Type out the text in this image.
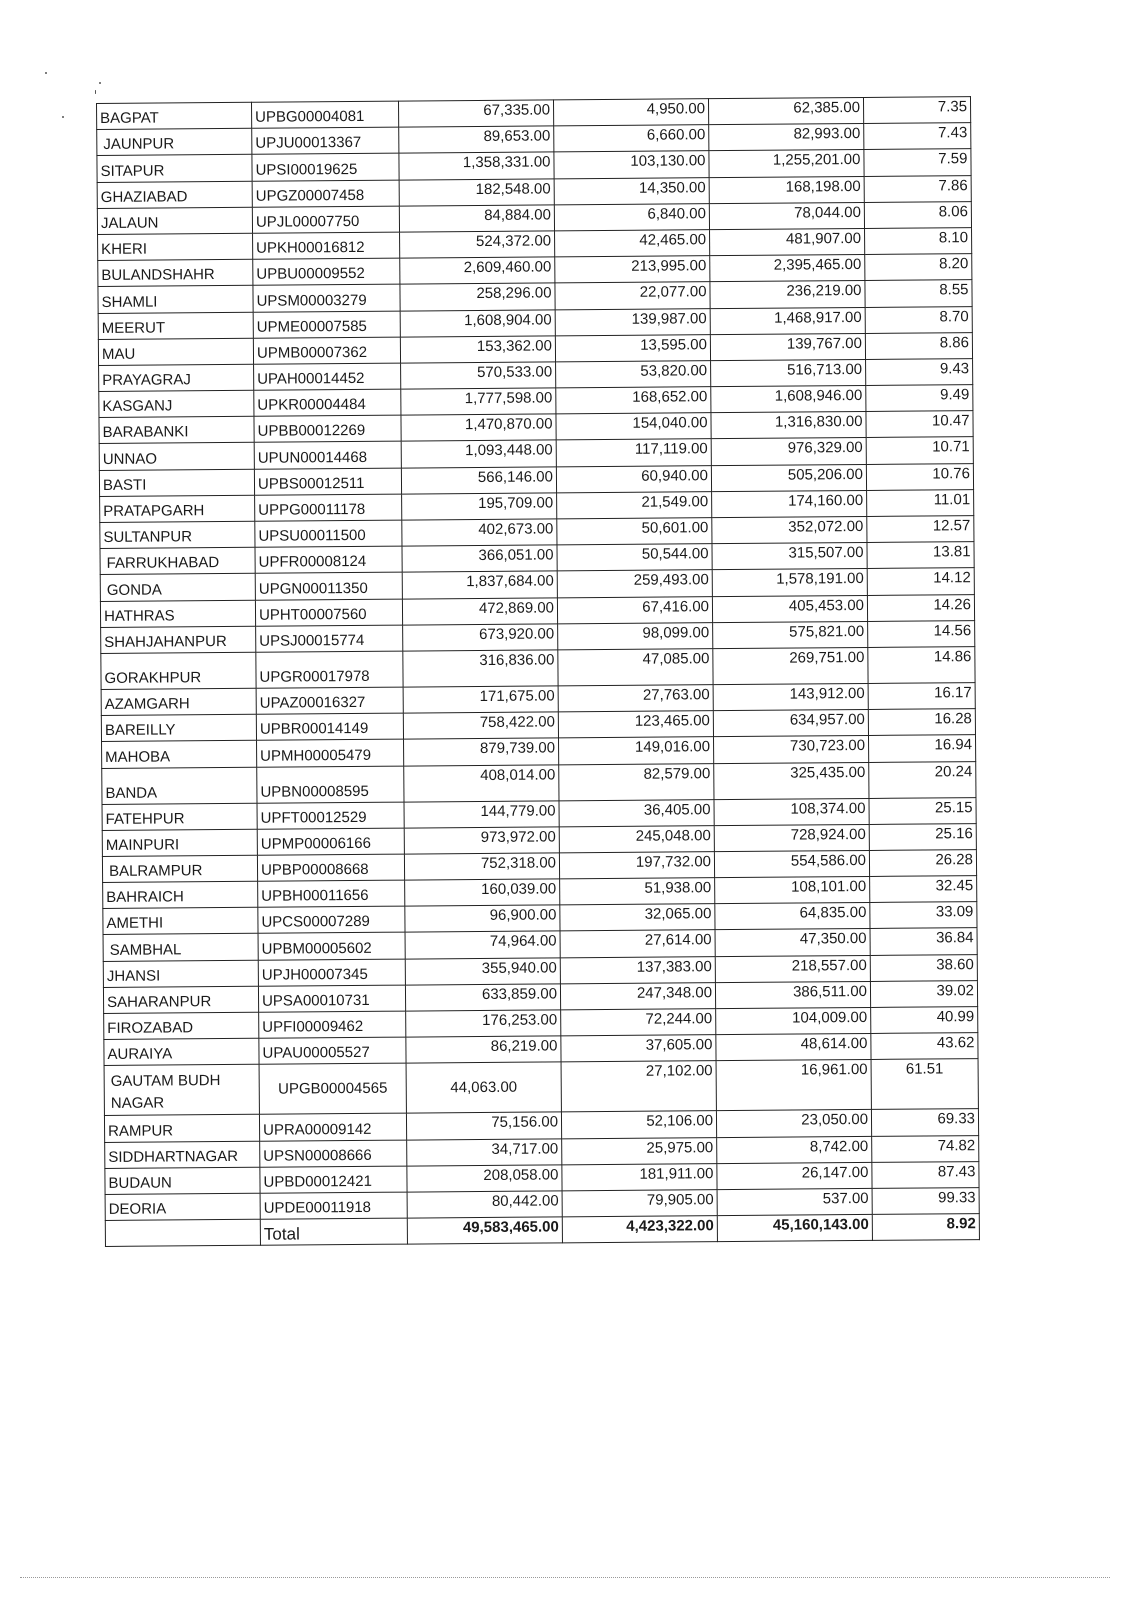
BAGPAT	UPBG00004081	67,335.00	4,950.00	62,385.00	7.35
JAUNPUR	UPJU00013367	89,653.00	6,660.00	82,993.00	7.43
SITAPUR	UPSI00019625	1,358,331.00	103,130.00	1,255,201.00	7.59
GHAZIABAD	UPGZ00007458	182,548.00	14,350.00	168,198.00	7.86
JALAUN	UPJL00007750	84,884.00	6,840.00	78,044.00	8.06
KHERI	UPKH00016812	524,372.00	42,465.00	481,907.00	8.10
BULANDSHAHR	UPBU00009552	2,609,460.00	213,995.00	2,395,465.00	8.20
SHAMLI	UPSM00003279	258,296.00	22,077.00	236,219.00	8.55
MEERUT	UPME00007585	1,608,904.00	139,987.00	1,468,917.00	8.70
MAU	UPMB00007362	153,362.00	13,595.00	139,767.00	8.86
PRAYAGRAJ	UPAH00014452	570,533.00	53,820.00	516,713.00	9.43
KASGANJ	UPKR00004484	1,777,598.00	168,652.00	1,608,946.00	9.49
BARABANKI	UPBB00012269	1,470,870.00	154,040.00	1,316,830.00	10.47
UNNAO	UPUN00014468	1,093,448.00	117,119.00	976,329.00	10.71
BASTI	UPBS00012511	566,146.00	60,940.00	505,206.00	10.76
PRATAPGARH	UPPG00011178	195,709.00	21,549.00	174,160.00	11.01
SULTANPUR	UPSU00011500	402,673.00	50,601.00	352,072.00	12.57
FARRUKHABAD	UPFR00008124	366,051.00	50,544.00	315,507.00	13.81
GONDA	UPGN00011350	1,837,684.00	259,493.00	1,578,191.00	14.12
HATHRAS	UPHT00007560	472,869.00	67,416.00	405,453.00	14.26
SHAHJAHANPUR	UPSJ00015774	673,920.00	98,099.00	575,821.00	14.56
GORAKHPUR	UPGR00017978	316,836.00	47,085.00	269,751.00	14.86
AZAMGARH	UPAZ00016327	171,675.00	27,763.00	143,912.00	16.17
BAREILLY	UPBR00014149	758,422.00	123,465.00	634,957.00	16.28
MAHOBA	UPMH00005479	879,739.00	149,016.00	730,723.00	16.94
BANDA	UPBN00008595	408,014.00	82,579.00	325,435.00	20.24
FATEHPUR	UPFT00012529	144,779.00	36,405.00	108,374.00	25.15
MAINPURI	UPMP00006166	973,972.00	245,048.00	728,924.00	25.16
BALRAMPUR	UPBP00008668	752,318.00	197,732.00	554,586.00	26.28
BAHRAICH	UPBH00011656	160,039.00	51,938.00	108,101.00	32.45
AMETHI	UPCS00007289	96,900.00	32,065.00	64,835.00	33.09
SAMBHAL	UPBM00005602	74,964.00	27,614.00	47,350.00	36.84
JHANSI	UPJH00007345	355,940.00	137,383.00	218,557.00	38.60
SAHARANPUR	UPSA00010731	633,859.00	247,348.00	386,511.00	39.02
FIROZABAD	UPFI00009462	176,253.00	72,244.00	104,009.00	40.99
AURAIYA	UPAU00005527	86,219.00	37,605.00	48,614.00	43.62
GAUTAM BUDH NAGAR	UPGB00004565	44,063.00	27,102.00	16,961.00	61.51
RAMPUR	UPRA00009142	75,156.00	52,106.00	23,050.00	69.33
SIDDHARTNAGAR	UPSN00008666	34,717.00	25,975.00	8,742.00	74.82
BUDAUN	UPBD00012421	208,058.00	181,911.00	26,147.00	87.43
DEORIA	UPDE00011918	80,442.00	79,905.00	537.00	99.33
	Total	49,583,465.00	4,423,322.00	45,160,143.00	8.92
